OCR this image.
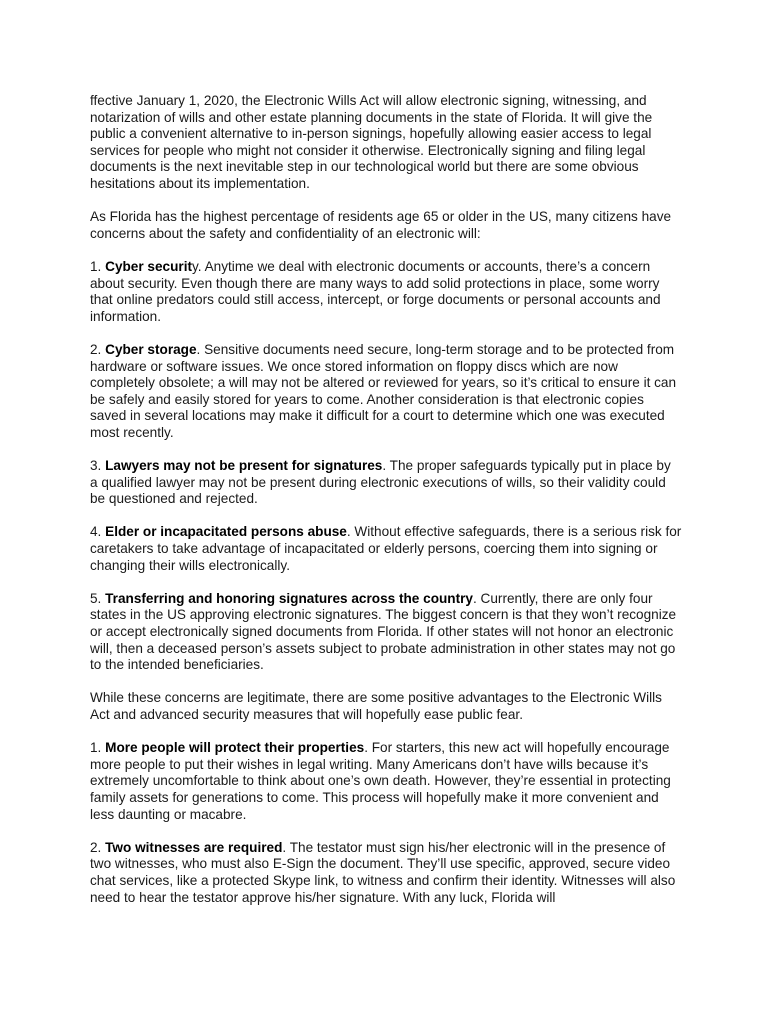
ffective January 1, 2020, the Electronic Wills Act will allow electronic signing, witnessing, and notarization of wills and other estate planning documents in the state of Florida. It will give the public a convenient alternative to in-person signings, hopefully allowing easier access to legal services for people who might not consider it otherwise. Electronically signing and filing legal documents is the next inevitable step in our technological world but there are some obvious hesitations about its implementation.

As Florida has the highest percentage of residents age 65 or older in the US, many citizens have concerns about the safety and confidentiality of an electronic will:

1. Cyber security. Anytime we deal with electronic documents or accounts, there’s a concern about security. Even though there are many ways to add solid protections in place, some worry that online predators could still access, intercept, or forge documents or personal accounts and information.

2. Cyber storage. Sensitive documents need secure, long-term storage and to be protected from hardware or software issues. We once stored information on floppy discs which are now completely obsolete; a will may not be altered or reviewed for years, so it’s critical to ensure it can be safely and easily stored for years to come. Another consideration is that electronic copies saved in several locations may make it difficult for a court to determine which one was executed most recently.

3. Lawyers may not be present for signatures. The proper safeguards typically put in place by a qualified lawyer may not be present during electronic executions of wills, so their validity could be questioned and rejected.

4. Elder or incapacitated persons abuse. Without effective safeguards, there is a serious risk for caretakers to take advantage of incapacitated or elderly persons, coercing them into signing or changing their wills electronically.

5. Transferring and honoring signatures across the country. Currently, there are only four states in the US approving electronic signatures. The biggest concern is that they won’t recognize or accept electronically signed documents from Florida. If other states will not honor an electronic will, then a deceased person’s assets subject to probate administration in other states may not go to the intended beneficiaries.

While these concerns are legitimate, there are some positive advantages to the Electronic Wills Act and advanced security measures that will hopefully ease public fear.

1. More people will protect their properties. For starters, this new act will hopefully encourage more people to put their wishes in legal writing. Many Americans don’t have wills because it’s extremely uncomfortable to think about one’s own death. However, they’re essential in protecting family assets for generations to come. This process will hopefully make it more convenient and less daunting or macabre.

2. Two witnesses are required. The testator must sign his/her electronic will in the presence of two witnesses, who must also E-Sign the document. They’ll use specific, approved, secure video chat services, like a protected Skype link, to witness and confirm their identity. Witnesses will also need to hear the testator approve his/her signature. With any luck, Florida will
